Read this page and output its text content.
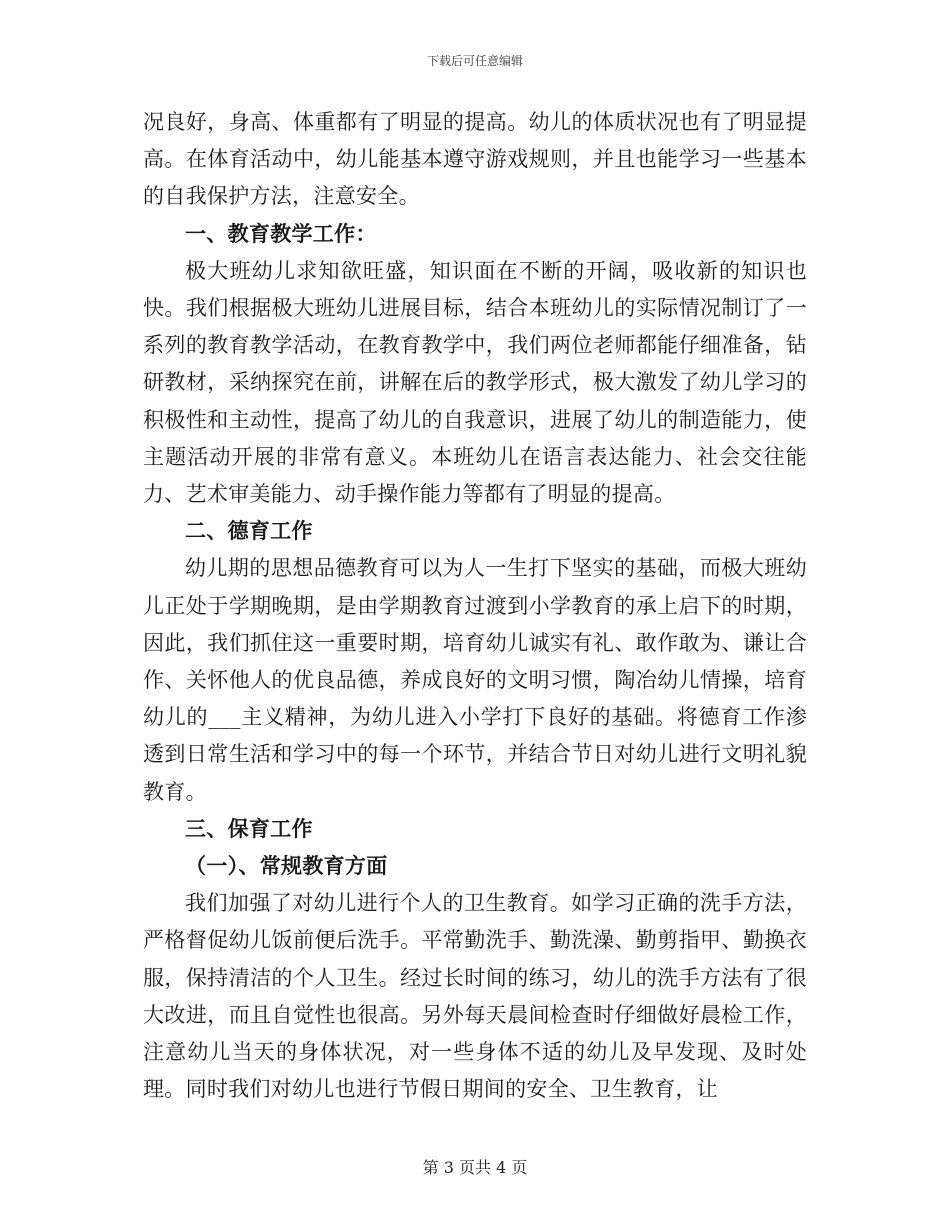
下载后可任意编辑

况良好，身高、体重都有了明显的提高。幼儿的体质状况也有了明显提高。在体育活动中，幼儿能基本遵守游戏规则，并且也能学习一些基本的自我保护方法，注意安全。

一、教育教学工作：

极大班幼儿求知欲旺盛，知识面在不断的开阔，吸收新的知识也快。我们根据极大班幼儿进展目标，结合本班幼儿的实际情况制订了一系列的教育教学活动，在教育教学中，我们两位老师都能仔细准备，钻研教材，采纳探究在前，讲解在后的教学形式，极大激发了幼儿学习的积极性和主动性，提高了幼儿的自我意识，进展了幼儿的制造能力，使主题活动开展的非常有意义。本班幼儿在语言表达能力、社会交往能力、艺术审美能力、动手操作能力等都有了明显的提高。

二、德育工作

幼儿期的思想品德教育可以为人一生打下坚实的基础，而极大班幼儿正处于学期晚期，是由学期教育过渡到小学教育的承上启下的时期，因此，我们抓住这一重要时期，培育幼儿诚实有礼、敢作敢为、谦让合作、关怀他人的优良品德，养成良好的文明习惯，陶冶幼儿情操，培育幼儿的___主义精神，为幼儿进入小学打下良好的基础。将德育工作渗透到日常生活和学习中的每一个环节，并结合节日对幼儿进行文明礼貌教育。

三、保育工作

（一）、常规教育方面

我们加强了对幼儿进行个人的卫生教育。如学习正确的洗手方法，严格督促幼儿饭前便后洗手。平常勤洗手、勤洗澡、勤剪指甲、勤换衣服，保持清洁的个人卫生。经过长时间的练习，幼儿的洗手方法有了很大改进，而且自觉性也很高。另外每天晨间检查时仔细做好晨检工作，注意幼儿当天的身体状况，对一些身体不适的幼儿及早发现、及时处理。同时我们对幼儿也进行节假日期间的安全、卫生教育，让

第 3 页共 4 页
